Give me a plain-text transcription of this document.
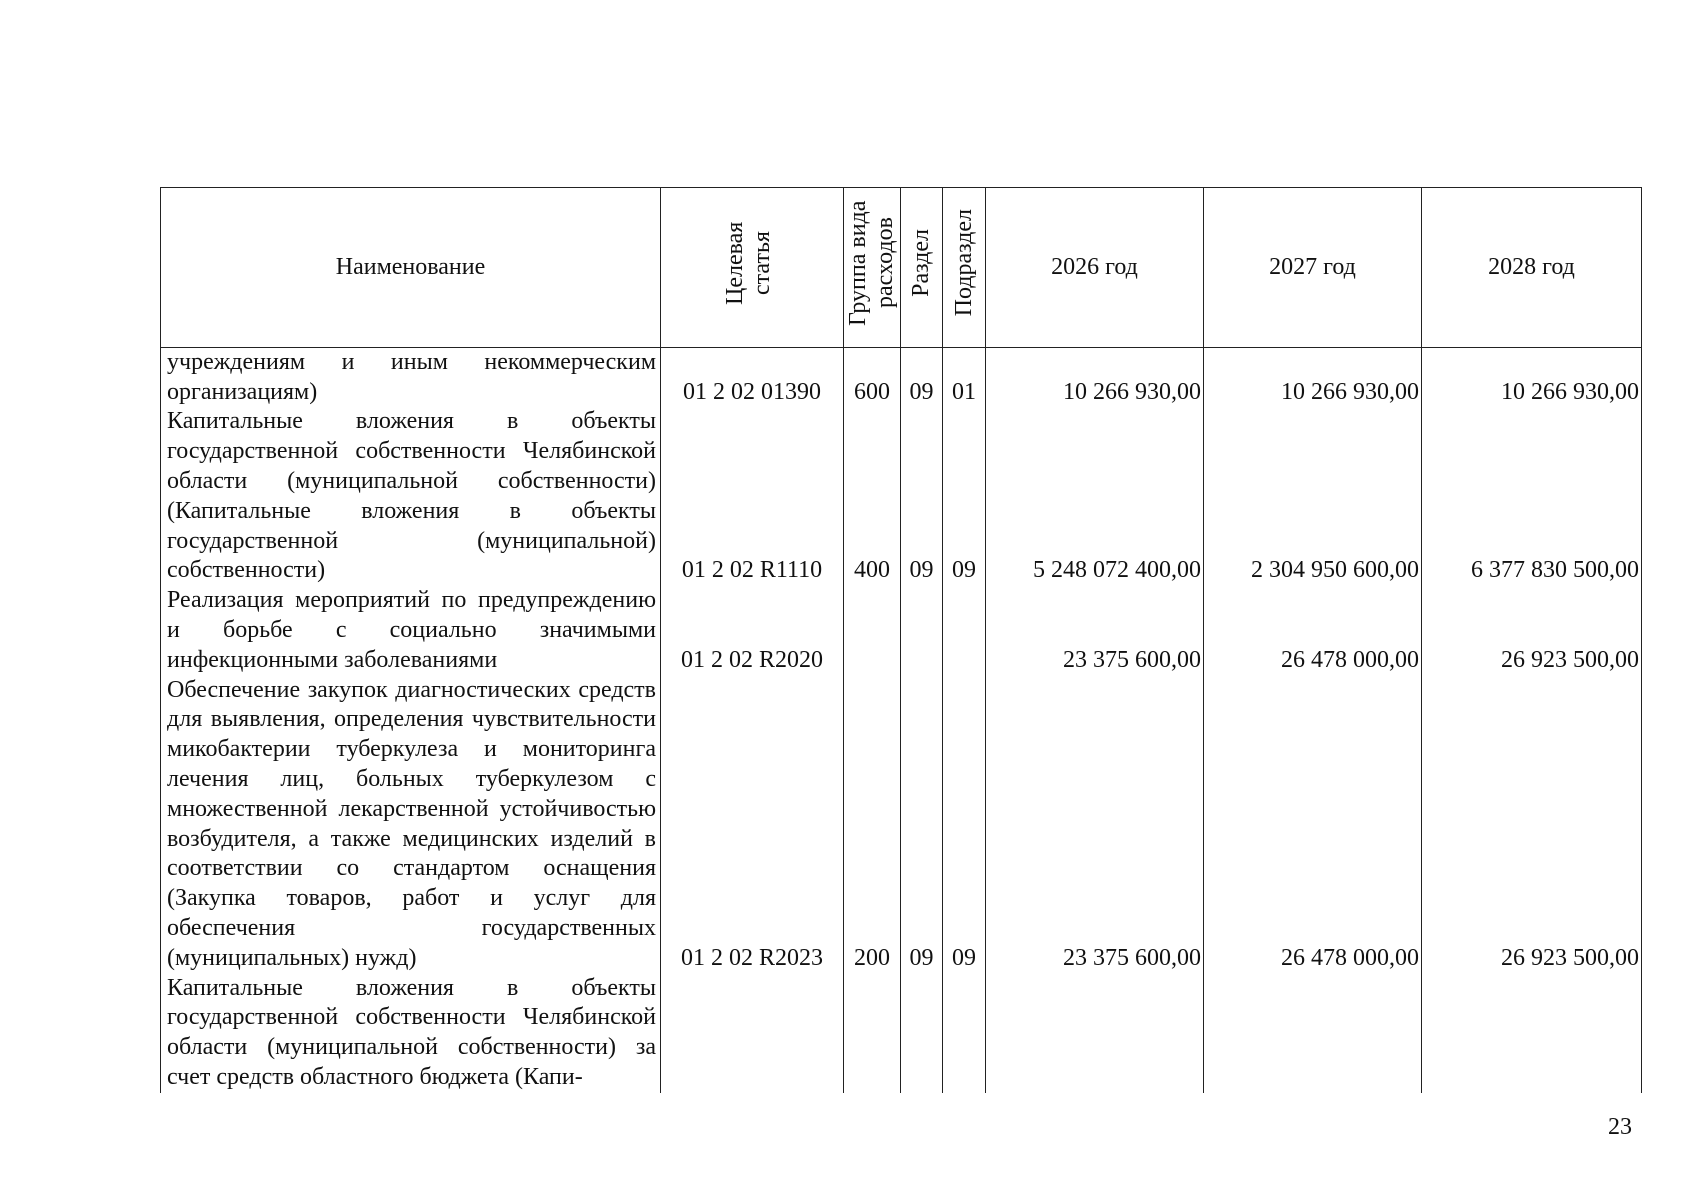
Наименование	Целевая статья	Группа вида расходов	Раздел	Подраздел	2026 год	2027 год	2028 год
учреждениям и иным некоммерческим организациям)	01 2 02 01390	600	09	01	10 266 930,00	10 266 930,00	10 266 930,00
Капитальные вложения в объекты государственной собственности Челябинской области (муниципальной собственности) (Капитальные вложения в объекты государственной (муниципальной) собственности)	01 2 02 R1110	400	09	09	5 248 072 400,00	2 304 950 600,00	6 377 830 500,00
Реализация мероприятий по предупреждению и борьбе с социально значимыми инфекционными заболеваниями	01 2 02 R2020				23 375 600,00	26 478 000,00	26 923 500,00
Обеспечение закупок диагностических средств для выявления, определения чувствительности микобактерии туберкулеза и мониторинга лечения лиц, больных туберкулезом с множественной лекарственной устойчивостью возбудителя, а также медицинских изделий в соответствии со стандартом оснащения (Закупка товаров, работ и услуг для обеспечения государственных (муниципальных) нужд)	01 2 02 R2023	200	09	09	23 375 600,00	26 478 000,00	26 923 500,00
Капитальные вложения в объекты государственной собственности Челябинской области (муниципальной собственности) за счет средств областного бюджета (Капи-							
23
